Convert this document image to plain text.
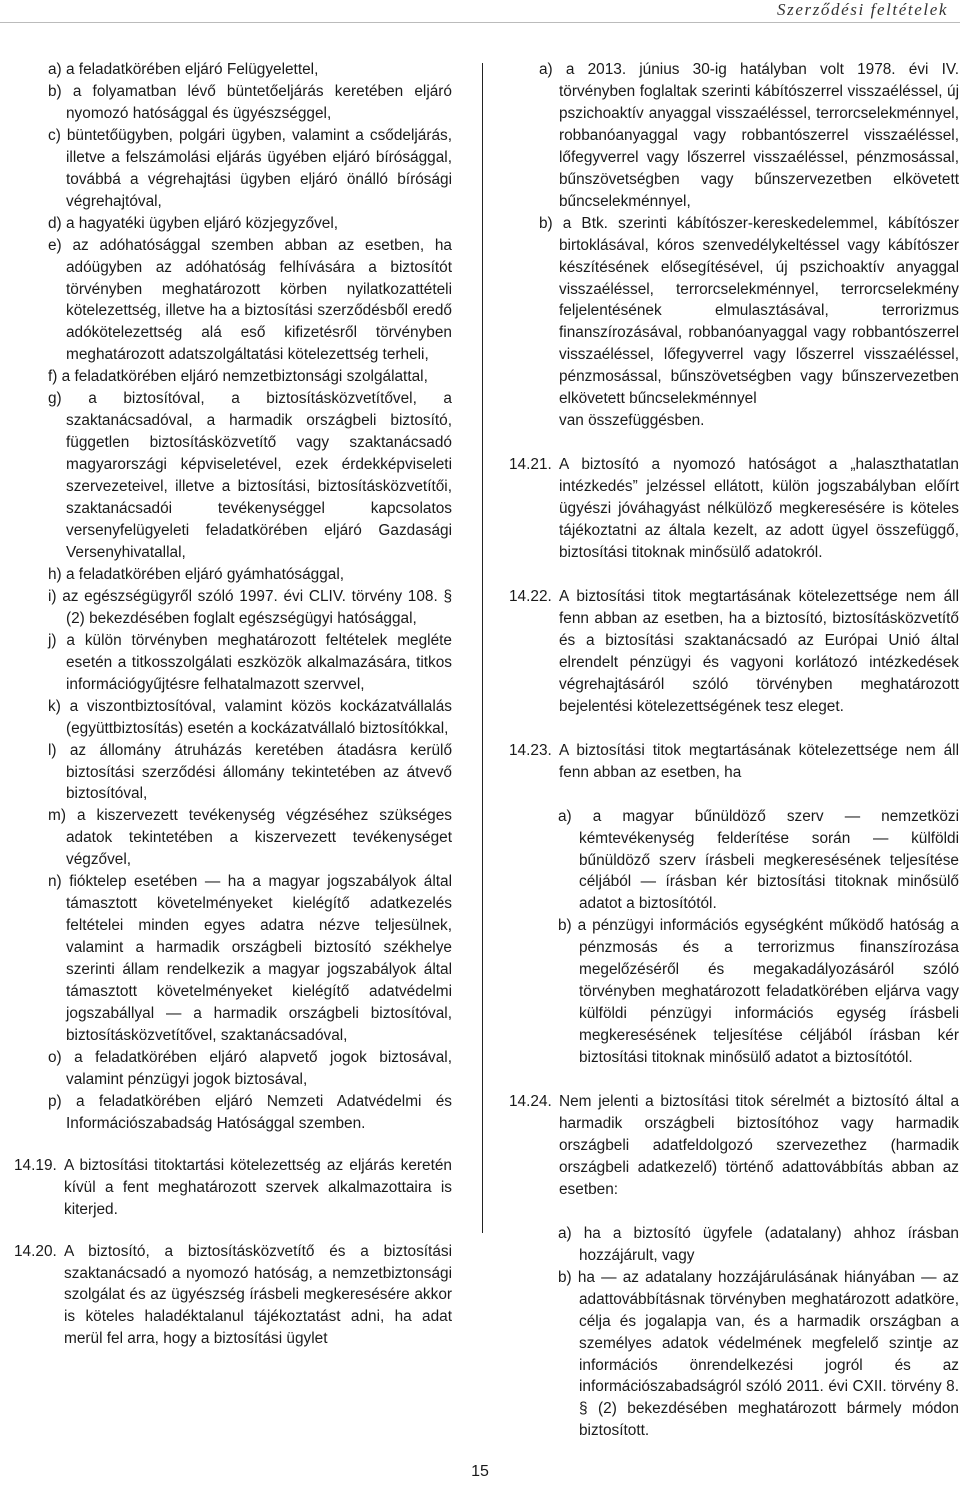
Szerződési feltételek

a) a feladatkörében eljáró Felügyelettel,

b) a folyamatban lévő büntetőeljárás keretében eljáró nyomozó hatósággal és ügyészséggel,

c) büntetőügyben, polgári ügyben, valamint a csődeljárás, illetve a felszámolási eljárás ügyében eljáró bírósággal, továbbá a végrehajtási ügyben eljáró önálló bírósági végrehajtóval,

d) a hagyatéki ügyben eljáró közjegyzővel,

e) az adóhatósággal szemben abban az esetben, ha adóügyben az adóhatóság felhívására a biztosítót törvényben meghatározott körben nyilatkozattételi kötelezettség, illetve ha a biztosítási szerződésből eredő adókötelezettség alá eső kifizetésről törvényben meghatározott adatszolgáltatási kötelezettség terheli,

f) a feladatkörében eljáró nemzetbiztonsági szolgálattal,

g) a biztosítóval, a biztosításközvetítővel, a szaktanácsadóval, a harmadik országbeli biztosító, független biztosításközvetítő vagy szaktanácsadó magyarországi képviseletével, ezek érdekképviseleti szervezeteivel, illetve a biztosítási, biztosításközvetítői, szaktanácsadói tevékenységgel kapcsolatos versenyfelügyeleti feladatkörében eljáró Gazdasági Versenyhivatallal,

h) a feladatkörében eljáró gyámhatósággal,

i) az egészségügyről szóló 1997. évi CLIV. törvény 108. § (2) bekezdésében foglalt egészségügyi hatósággal,

j) a külön törvényben meghatározott feltételek megléte esetén a titkosszolgálati eszközök alkalmazására, titkos információgyűjtésre felhatalmazott szervvel,

k) a viszontbiztosítóval, valamint közös kockázatvállalás (együttbiztosítás) esetén a kockázatvállaló biztosítókkal,

l) az állomány átruházás keretében átadásra kerülő biztosítási szerződési állomány tekintetében az átvevő biztosítóval,

m) a kiszervezett tevékenység végzéséhez szükséges adatok tekintetében a kiszervezett tevékenységet végzővel,

n) fióktelep esetében — ha a magyar jogszabályok által támasztott követelményeket kielégítő adatkezelés feltételei minden egyes adatra nézve teljesülnek, valamint a harmadik országbeli biztosító székhelye szerinti állam rendelkezik a magyar jogszabályok által támasztott követelményeket kielégítő adatvédelmi jogszabállyal — a harmadik országbeli biztosítóval, biztosításközvetítővel, szaktanácsadóval,

o) a feladatkörében eljáró alapvető jogok biztosával, valamint pénzügyi jogok biztosával,

p) a feladatkörében eljáró Nemzeti Adatvédelmi és Információszabadság Hatósággal szemben.

14.19. A biztosítási titoktartási kötelezettség az eljárás keretén kívül a fent meghatározott szervek alkalmazottaira is kiterjed.
14.20. A biztosító, a biztosításközvetítő és a biztosítási szaktanácsadó a nyomozó hatóság, a nemzetbiztonsági szolgálat és az ügyészség írásbeli megkeresésére akkor is köteles haladéktalanul tájékoztatást adni, ha adat merül fel arra, hogy a biztosítási ügylet

a) a 2013. június 30-ig hatályban volt 1978. évi IV. törvényben foglaltak szerinti kábítószerrel visszaéléssel, új pszichoaktív anyaggal visszaéléssel, terrorcselekménnyel, robbanóanyaggal vagy robbantószerrel visszaéléssel, lőfegyverrel vagy lőszerrel visszaéléssel, pénzmosással, bűnszövetségben vagy bűnszervezetben elkövetett bűncselekménnyel,

b) a Btk. szerinti kábítószer-kereskedelemmel, kábítószer birtoklásával, kóros szenvedélykeltéssel vagy kábítószer készítésének elősegítésével, új pszichoaktív anyaggal visszaéléssel, terrorcselekménnyel, terrorcselekmény feljelentésének elmulasztásával, terrorizmus finanszírozásával, robbanóanyaggal vagy robbantószerrel visszaéléssel, lőfegyverrel vagy lőszerrel visszaéléssel, pénzmosással, bűnszövetségben vagy bűnszervezetben elkövetett bűncselekménnyel

van összefüggésben.

14.21. A biztosító a nyomozó hatóságot a „halaszthatatlan intézkedés” jelzéssel ellátott, külön jogszabályban előírt ügyészi jóváhagyást nélkülöző megkeresésére is köteles tájékoztatni az általa kezelt, az adott ügyel összefüggő, biztosítási titoknak minősülő adatokról.
14.22. A biztosítási titok megtartásának kötelezettsége nem áll fenn abban az esetben, ha a biztosító, biztosításközvetítő és a biztosítási szaktanácsadó az Európai Unió által elrendelt pénzügyi és vagyoni korlátozó intézkedések végrehajtásáról szóló törvényben meghatározott bejelentési kötelezettségének tesz eleget.
14.23. A biztosítási titok megtartásának kötelezettsége nem áll fenn abban az esetben, ha

a) a magyar bűnüldöző szerv — nemzetközi kémtevékenység felderítése során — külföldi bűnüldöző szerv írásbeli megkeresésének teljesítése céljából — írásban kér biztosítási titoknak minősülő adatot a biztosítótól.

b) a pénzügyi információs egységként működő hatóság a pénzmosás és a terrorizmus finanszírozása megelőzéséről és megakadályozásáról szóló törvényben meghatározott feladatkörében eljárva vagy külföldi pénzügyi információs egység írásbeli megkeresésének teljesítése céljából írásban kér biztosítási titoknak minősülő adatot a biztosítótól.

14.24. Nem jelenti a biztosítási titok sérelmét a biztosító által a harmadik országbeli biztosítóhoz vagy harmadik országbeli adatfeldolgozó szervezethez (harmadik országbeli adatkezelő) történő adattovábbítás abban az esetben:

a) ha a biztosító ügyfele (adatalany) ahhoz írásban hozzájárult, vagy

b) ha — az adatalany hozzájárulásának hiányában — az adattovábbításnak törvényben meghatározott adatköre, célja és jogalapja van, és a harmadik országban a személyes adatok védelmének megfelelő szintje az információs önrendelkezési jogról és az információszabadságról szóló 2011. évi CXII. törvény 8. § (2) bekezdésében meghatározott bármely módon biztosított.

15
